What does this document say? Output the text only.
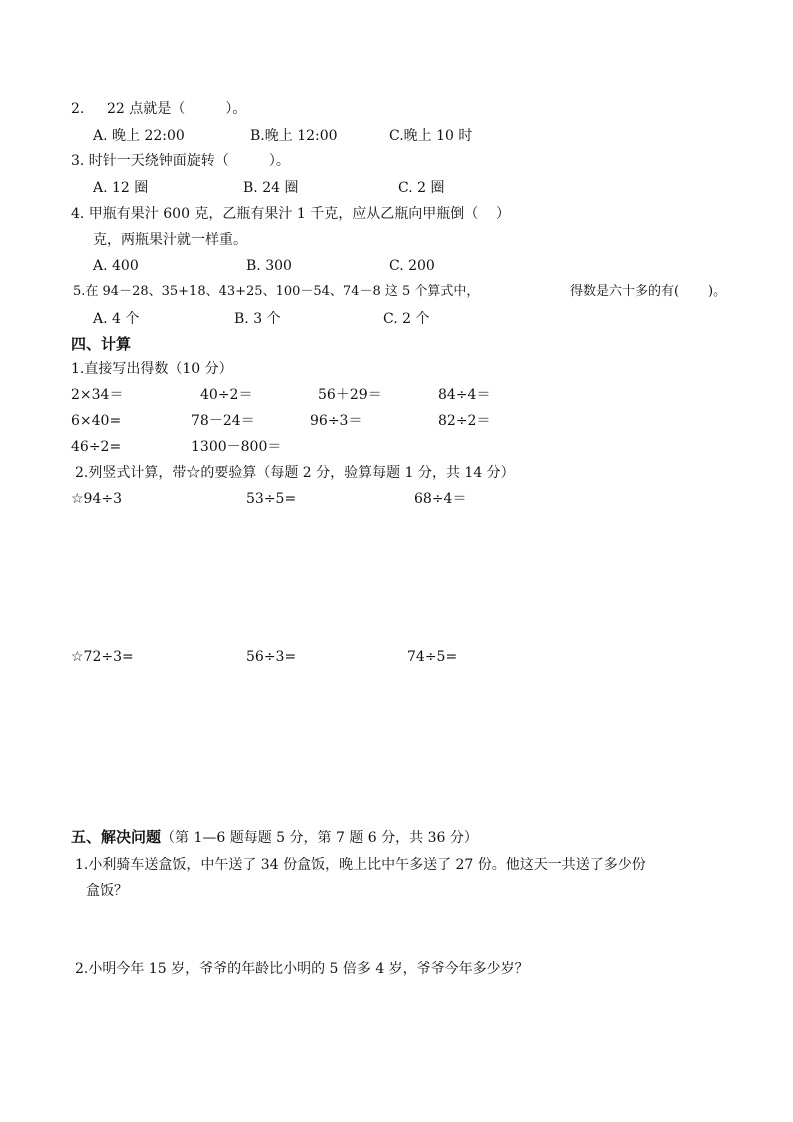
2. 22 点就是（         ）。
A. 晚上 22:00	B.晚上 12:00	C.晚上 10 时
3. 时针一天绕钟面旋转（         ）。
A. 12 圈	B. 24 圈	C. 2 圈
4. 甲瓶有果汁 600 克，乙瓶有果汁 1 千克，应从乙瓶向甲瓶倒（    ）
克，两瓶果汁就一样重。
A. 400	B. 300	C. 200
5.在 94－28、35+18、43+25、100－54、74－8 这 5 个算式中，	得数是六十多的有(       )。
A. 4 个	B. 3 个	C. 2 个
四、计算
1.直接写出得数（10 分）
2×34＝	40÷2＝	56＋29＝	84÷4＝
6×40=	78－24＝	96÷3＝	82÷2＝
46÷2=	1300－800＝
2.列竖式计算，带☆的要验算（每题 2 分，验算每题 1 分，共 14 分）
☆94÷3	53÷5=	68÷4＝
☆72÷3=	56÷3=	74÷5=
五、解决问题（第 1—6 题每题 5 分，第 7 题 6 分，共 36 分）
1.小利骑车送盒饭，中午送了 34 份盒饭，晚上比中午多送了 27 份。他这天一共送了多少份
盒饭？
2.小明今年 15 岁，爷爷的年龄比小明的 5 倍多 4 岁，爷爷今年多少岁？
